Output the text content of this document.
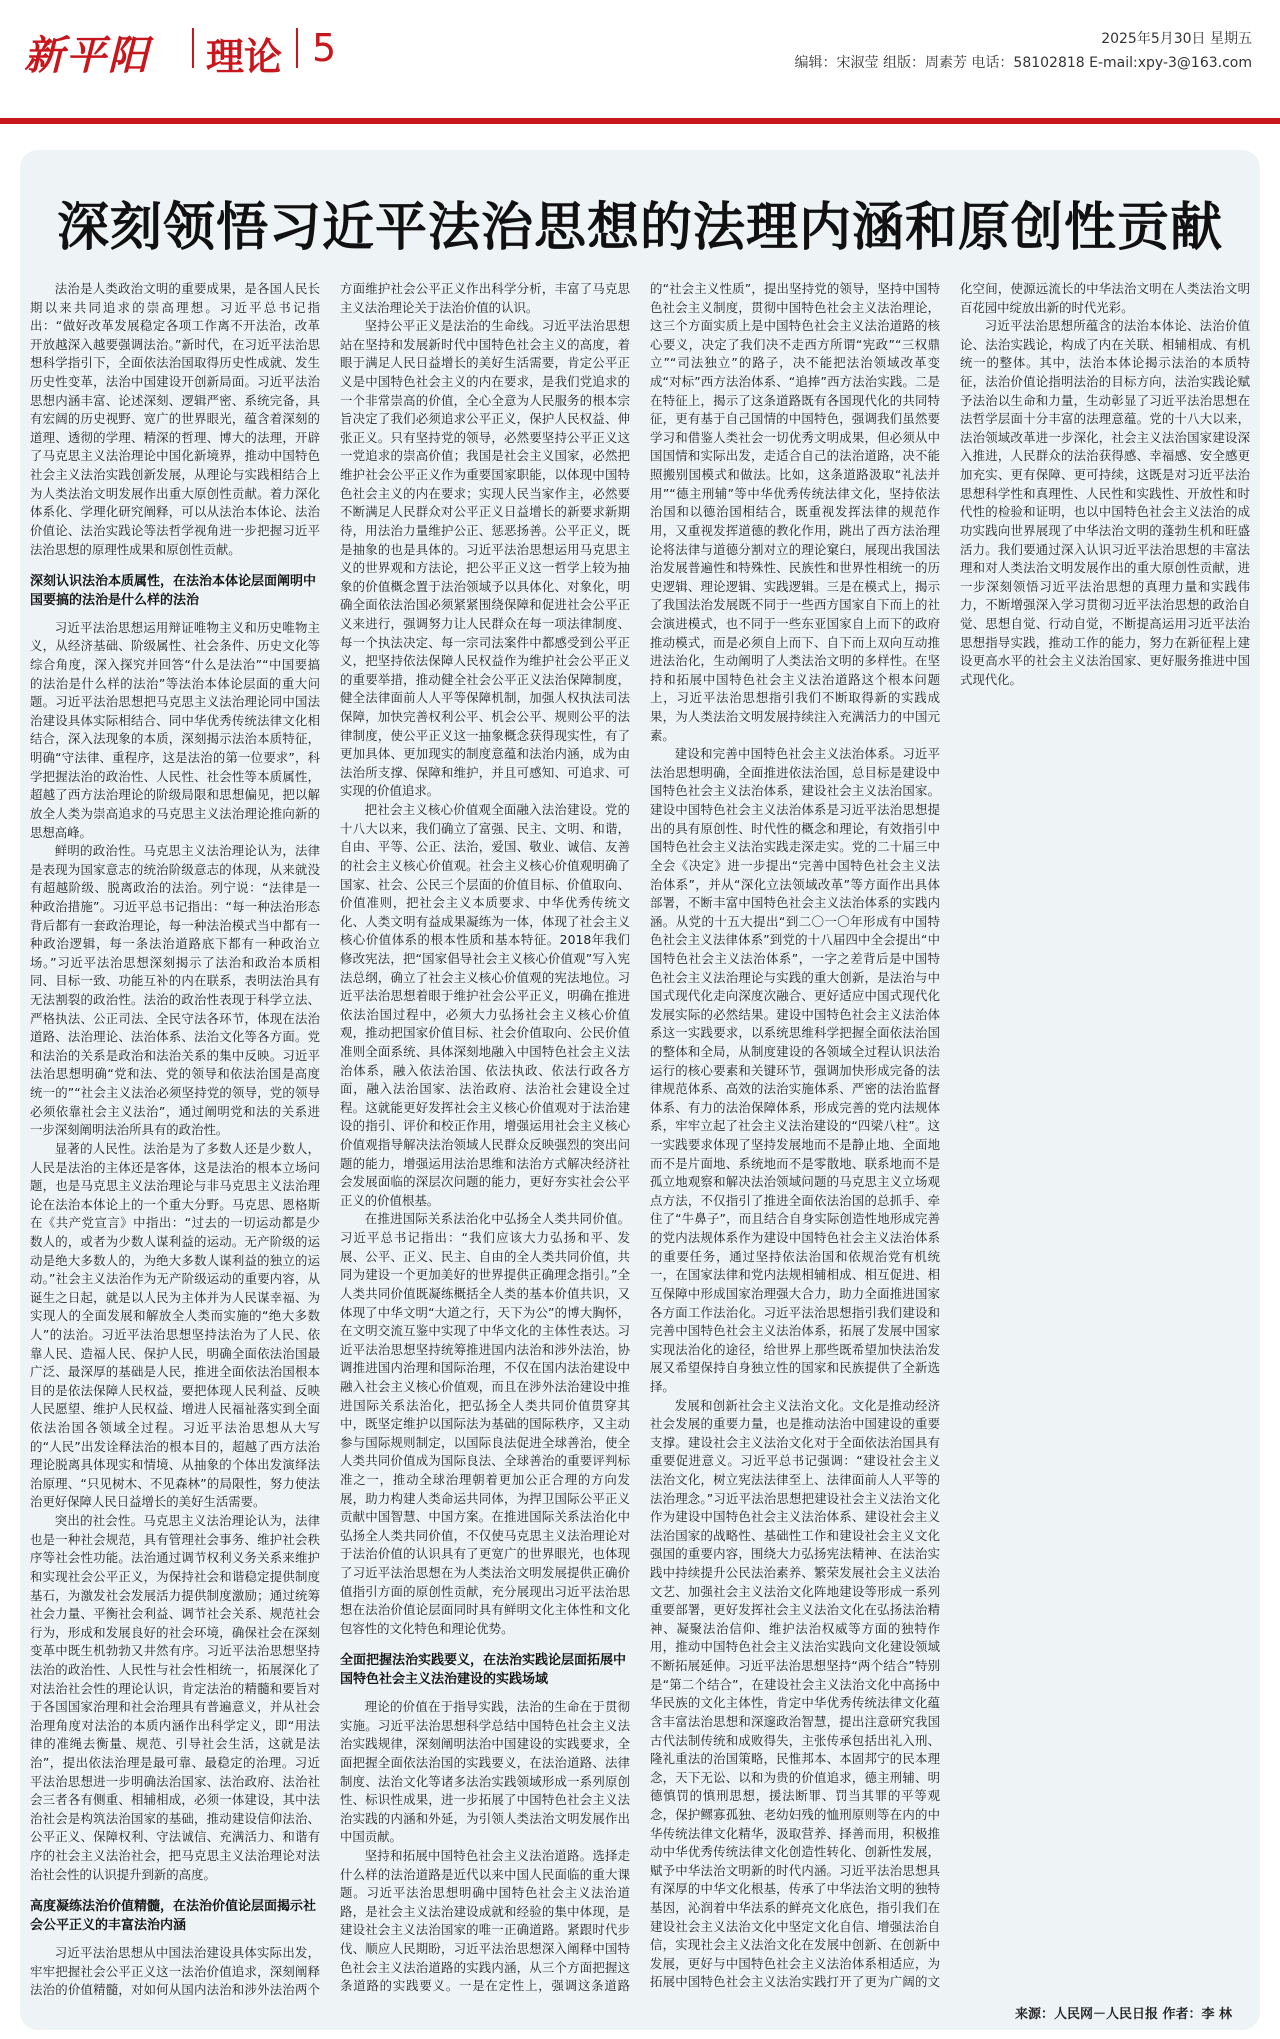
新平阳 理论 5	2025年5月30日 星期五
编辑：宋淑莹 组版：周素芳 电话：58102818 E-mail:xpy-3@163.com
深刻领悟习近平法治思想的法理内涵和原创性贡献

法治是人类政治文明的重要成果，是各国人民长期以来共同追求的崇高理想。习近平总书记指出：“做好改革发展稳定各项工作离不开法治，改革开放越深入越要强调法治。”新时代，在习近平法治思想科学指引下，全面依法治国取得历史性成就、发生历史性变革，法治中国建设开创新局面。习近平法治思想内涵丰富、论述深刻、逻辑严密、系统完备，具有宏阔的历史视野、宽广的世界眼光，蕴含着深刻的道理、透彻的学理、精深的哲理、博大的法理，开辟了马克思主义法治理论中国化新境界，推动中国特色社会主义法治实践创新发展，从理论与实践相结合上为人类法治文明发展作出重大原创性贡献。着力深化体系化、学理化研究阐释，可以从法治本体论、法治价值论、法治实践论等法哲学视角进一步把握习近平法治思想的原理性成果和原创性贡献。

深刻认识法治本质属性，在法治本体论层面阐明中国要搞的法治是什么样的法治

习近平法治思想运用辩证唯物主义和历史唯物主义，从经济基础、阶级属性、社会条件、历史文化等综合角度，深入探究并回答“什么是法治”“中国要搞的法治是什么样的法治”等法治本体论层面的重大问题。习近平法治思想把马克思主义法治理论同中国法治建设具体实际相结合、同中华优秀传统法律文化相结合，深入法现象的本质，深刻揭示法治本质特征，明确“守法律、重程序，这是法治的第一位要求”，科学把握法治的政治性、人民性、社会性等本质属性，超越了西方法治理论的阶级局限和思想偏见，把以解放全人类为崇高追求的马克思主义法治理论推向新的思想高峰。

鲜明的政治性。马克思主义法治理论认为，法律是表现为国家意志的统治阶级意志的体现，从来就没有超越阶级、脱离政治的法治。列宁说：“法律是一种政治措施”。习近平总书记指出：“每一种法治形态背后都有一套政治理论，每一种法治模式当中都有一种政治逻辑，每一条法治道路底下都有一种政治立场。”习近平法治思想深刻揭示了法治和政治本质相同、目标一致、功能互补的内在联系，表明法治具有无法割裂的政治性。法治的政治性表现于科学立法、严格执法、公正司法、全民守法各环节，体现在法治道路、法治理论、法治体系、法治文化等各方面。党和法治的关系是政治和法治关系的集中反映。习近平法治思想明确“党和法、党的领导和依法治国是高度统一的”“社会主义法治必须坚持党的领导，党的领导必须依靠社会主义法治”，通过阐明党和法的关系进一步深刻阐明法治所具有的政治性。

显著的人民性。法治是为了多数人还是少数人，人民是法治的主体还是客体，这是法治的根本立场问题，也是马克思主义法治理论与非马克思主义法治理论在法治本体论上的一个重大分野。马克思、恩格斯在《共产党宣言》中指出：“过去的一切运动都是少数人的，或者为少数人谋利益的运动。无产阶级的运动是绝大多数人的，为绝大多数人谋利益的独立的运动。”社会主义法治作为无产阶级运动的重要内容，从诞生之日起，就是以人民为主体并为人民谋幸福、为实现人的全面发展和解放全人类而实施的“绝大多数人”的法治。习近平法治思想坚持法治为了人民、依靠人民、造福人民、保护人民，明确全面依法治国最广泛、最深厚的基础是人民，推进全面依法治国根本目的是依法保障人民权益，要把体现人民利益、反映人民愿望、维护人民权益、增进人民福祉落实到全面依法治国各领域全过程。习近平法治思想从大写的“人民”出发诠释法治的根本目的，超越了西方法治理论脱离具体现实和情境、从抽象的个体出发演绎法治原理、“只见树木、不见森林”的局限性，努力使法治更好保障人民日益增长的美好生活需要。

突出的社会性。马克思主义法治理论认为，法律也是一种社会规范，具有管理社会事务、维护社会秩序等社会性功能。法治通过调节权利义务关系来维护和实现社会公平正义，为保持社会和谐稳定提供制度基石，为激发社会发展活力提供制度激励；通过统筹社会力量、平衡社会利益、调节社会关系、规范社会行为，形成和发展良好的社会环境，确保社会在深刻变革中既生机勃勃又井然有序。习近平法治思想坚持法治的政治性、人民性与社会性相统一，拓展深化了对法治社会性的理论认识，肯定法治的精髓和要旨对于各国国家治理和社会治理具有普遍意义，并从社会治理角度对法治的本质内涵作出科学定义，即“用法律的准绳去衡量、规范、引导社会生活，这就是法治”，提出依法治理是最可靠、最稳定的治理。习近平法治思想进一步明确法治国家、法治政府、法治社会三者各有侧重、相辅相成，必须一体建设，其中法治社会是构筑法治国家的基础，推动建设信仰法治、公平正义、保障权利、守法诚信、充满活力、和谐有序的社会主义法治社会，把马克思主义法治理论对法治社会性的认识提升到新的高度。

高度凝练法治价值精髓，在法治价值论层面揭示社会公平正义的丰富法治内涵

习近平法治思想从中国法治建设具体实际出发，牢牢把握社会公平正义这一法治价值追求，深刻阐释法治的价值精髓，对如何从国内法治和涉外法治两个方面维护社会公平正义作出科学分析，丰富了马克思主义法治理论关于法治价值的认识。

坚持公平正义是法治的生命线。习近平法治思想站在坚持和发展新时代中国特色社会主义的高度，着眼于满足人民日益增长的美好生活需要，肯定公平正义是中国特色社会主义的内在要求，是我们党追求的一个非常崇高的价值，全心全意为人民服务的根本宗旨决定了我们必须追求公平正义，保护人民权益、伸张正义。只有坚持党的领导，必然要坚持公平正义这一党追求的崇高价值；我国是社会主义国家，必然把维护社会公平正义作为重要国家职能，以体现中国特色社会主义的内在要求；实现人民当家作主，必然要不断满足人民群众对公平正义日益增长的新要求新期待，用法治力量维护公正、惩恶扬善。公平正义，既是抽象的也是具体的。习近平法治思想运用马克思主义的世界观和方法论，把公平正义这一哲学上较为抽象的价值概念置于法治领域予以具体化、对象化，明确全面依法治国必须紧紧围绕保障和促进社会公平正义来进行，强调努力让人民群众在每一项法律制度、每一个执法决定、每一宗司法案件中都感受到公平正义，把坚持依法保障人民权益作为维护社会公平正义的重要举措，推动健全社会公平正义法治保障制度，健全法律面前人人平等保障机制，加强人权执法司法保障，加快完善权利公平、机会公平、规则公平的法律制度，使公平正义这一抽象概念获得现实性，有了更加具体、更加现实的制度意蕴和法治内涵，成为由法治所支撑、保障和维护，并且可感知、可追求、可实现的价值追求。

把社会主义核心价值观全面融入法治建设。党的十八大以来，我们确立了富强、民主、文明、和谐，自由、平等、公正、法治，爱国、敬业、诚信、友善的社会主义核心价值观。社会主义核心价值观明确了国家、社会、公民三个层面的价值目标、价值取向、价值准则，把社会主义本质要求、中华优秀传统文化、人类文明有益成果凝练为一体，体现了社会主义核心价值体系的根本性质和基本特征。2018年我们修改宪法，把“国家倡导社会主义核心价值观”写入宪法总纲，确立了社会主义核心价值观的宪法地位。习近平法治思想着眼于维护社会公平正义，明确在推进依法治国过程中，必须大力弘扬社会主义核心价值观，推动把国家价值目标、社会价值取向、公民价值准则全面系统、具体深刻地融入中国特色社会主义法治体系，融入依法治国、依法执政、依法行政各方面，融入法治国家、法治政府、法治社会建设全过程。这就能更好发挥社会主义核心价值观对于法治建设的指引、评价和校正作用，增强运用社会主义核心价值观指导解决法治领域人民群众反映强烈的突出问题的能力，增强运用法治思维和法治方式解决经济社会发展面临的深层次问题的能力，更好夯实社会公平正义的价值根基。

在推进国际关系法治化中弘扬全人类共同价值。习近平总书记指出：“我们应该大力弘扬和平、发展、公平、正义、民主、自由的全人类共同价值，共同为建设一个更加美好的世界提供正确理念指引。”全人类共同价值既凝练概括全人类的基本价值共识，又体现了中华文明“大道之行，天下为公”的博大胸怀，在文明交流互鉴中实现了中华文化的主体性表达。习近平法治思想坚持统筹推进国内法治和涉外法治，协调推进国内治理和国际治理，不仅在国内法治建设中融入社会主义核心价值观，而且在涉外法治建设中推进国际关系法治化，把弘扬全人类共同价值贯穿其中，既坚定维护以国际法为基础的国际秩序，又主动参与国际规则制定，以国际良法促进全球善治，使全人类共同价值成为国际良法、全球善治的重要评判标准之一，推动全球治理朝着更加公正合理的方向发展，助力构建人类命运共同体，为捍卫国际公平正义贡献中国智慧、中国方案。在推进国际关系法治化中弘扬全人类共同价值，不仅使马克思主义法治理论对于法治价值的认识具有了更宽广的世界眼光，也体现了习近平法治思想在为人类法治文明发展提供正确价值指引方面的原创性贡献，充分展现出习近平法治思想在法治价值论层面同时具有鲜明文化主体性和文化包容性的文化特色和理论优势。

全面把握法治实践要义，在法治实践论层面拓展中国特色社会主义法治建设的实践场域

理论的价值在于指导实践，法治的生命在于贯彻实施。习近平法治思想科学总结中国特色社会主义法治实践规律，深刻阐明法治中国建设的实践要求，全面把握全面依法治国的实践要义，在法治道路、法律制度、法治文化等诸多法治实践领域形成一系列原创性、标识性成果，进一步拓展了中国特色社会主义法治实践的内涵和外延，为引领人类法治文明发展作出中国贡献。

坚持和拓展中国特色社会主义法治道路。选择走什么样的法治道路是近代以来中国人民面临的重大课题。习近平法治思想明确中国特色社会主义法治道路，是社会主义法治建设成就和经验的集中体现，是建设社会主义法治国家的唯一正确道路。紧跟时代步伐、顺应人民期盼，习近平法治思想深入阐释中国特色社会主义法治道路的实践内涵，从三个方面把握这条道路的实践要义。一是在定性上，强调这条道路的“社会主义性质”，提出坚持党的领导，坚持中国特色社会主义制度，贯彻中国特色社会主义法治理论，这三个方面实质上是中国特色社会主义法治道路的核心要义，决定了我们决不走西方所谓“宪政”“三权鼎立”“司法独立”的路子，决不能把法治领域改革变成“对标”西方法治体系、“追捧”西方法治实践。二是在特征上，揭示了这条道路既有各国现代化的共同特征，更有基于自己国情的中国特色，强调我们虽然要学习和借鉴人类社会一切优秀文明成果，但必须从中国国情和实际出发，走适合自己的法治道路，决不能照搬别国模式和做法。比如，这条道路汲取“礼法并用”“德主刑辅”等中华优秀传统法律文化，坚持依法治国和以德治国相结合，既重视发挥法律的规范作用，又重视发挥道德的教化作用，跳出了西方法治理论将法律与道德分割对立的理论窠臼，展现出我国法治发展普遍性和特殊性、民族性和世界性相统一的历史逻辑、理论逻辑、实践逻辑。三是在模式上，揭示了我国法治发展既不同于一些西方国家自下而上的社会演进模式，也不同于一些东亚国家自上而下的政府推动模式，而是必须自上而下、自下而上双向互动推进法治化，生动阐明了人类法治文明的多样性。在坚持和拓展中国特色社会主义法治道路这个根本问题上，习近平法治思想指引我们不断取得新的实践成果，为人类法治文明发展持续注入充满活力的中国元素。

建设和完善中国特色社会主义法治体系。习近平法治思想明确，全面推进依法治国，总目标是建设中国特色社会主义法治体系，建设社会主义法治国家。建设中国特色社会主义法治体系是习近平法治思想提出的具有原创性、时代性的概念和理论，有效指引中国特色社会主义法治实践走深走实。党的二十届三中全会《决定》进一步提出“完善中国特色社会主义法治体系”，并从“深化立法领域改革”等方面作出具体部署，不断丰富中国特色社会主义法治体系的实践内涵。从党的十五大提出“到二〇一〇年形成有中国特色社会主义法律体系”到党的十八届四中全会提出“中国特色社会主义法治体系”，一字之差背后是中国特色社会主义法治理论与实践的重大创新，是法治与中国式现代化走向深度次融合、更好适应中国式现代化发展实际的必然结果。建设中国特色社会主义法治体系这一实践要求，以系统思维科学把握全面依法治国的整体和全局，从制度建设的各领域全过程认识法治运行的核心要素和关键环节，强调加快形成完备的法律规范体系、高效的法治实施体系、严密的法治监督体系、有力的法治保障体系，形成完善的党内法规体系，牢牢立起了社会主义法治建设的“四梁八柱”。这一实践要求体现了坚持发展地而不是静止地、全面地而不是片面地、系统地而不是零散地、联系地而不是孤立地观察和解决法治领域问题的马克思主义立场观点方法，不仅指引了推进全面依法治国的总抓手、牵住了“牛鼻子”，而且结合自身实际创造性地形成完善的党内法规体系作为建设中国特色社会主义法治体系的重要任务，通过坚持依法治国和依规治党有机统一，在国家法律和党内法规相辅相成、相互促进、相互保障中形成国家治理强大合力，助力全面推进国家各方面工作法治化。习近平法治思想指引我们建设和完善中国特色社会主义法治体系，拓展了发展中国家实现法治化的途径，给世界上那些既希望加快法治发展又希望保持自身独立性的国家和民族提供了全新选择。

发展和创新社会主义法治文化。文化是推动经济社会发展的重要力量，也是推动法治中国建设的重要支撑。建设社会主义法治文化对于全面依法治国具有重要促进意义。习近平总书记强调：“建设社会主义法治文化，树立宪法法律至上、法律面前人人平等的法治理念。”习近平法治思想把建设社会主义法治文化作为建设中国特色社会主义法治体系、建设社会主义法治国家的战略性、基础性工作和建设社会主义文化强国的重要内容，围绕大力弘扬宪法精神、在法治实践中持续提升公民法治素养、繁荣发展社会主义法治文艺、加强社会主义法治文化阵地建设等形成一系列重要部署，更好发挥社会主义法治文化在弘扬法治精神、凝聚法治信仰、维护法治权威等方面的独特作用，推动中国特色社会主义法治实践向文化建设领域不断拓展延伸。习近平法治思想坚持“两个结合”特别是“第二个结合”，在建设社会主义法治文化中高扬中华民族的文化主体性，肯定中华优秀传统法律文化蕴含丰富法治思想和深邃政治智慧，提出注意研究我国古代法制传统和成败得失，主张传承包括出礼入刑、隆礼重法的治国策略，民惟邦本、本固邦宁的民本理念，天下无讼、以和为贵的价值追求，德主刑辅、明德慎罚的慎刑思想，援法断罪、罚当其罪的平等观念，保护鳏寡孤独、老幼妇残的恤刑原则等在内的中华传统法律文化精华，汲取营养、择善而用，积极推动中华优秀传统法律文化创造性转化、创新性发展，赋予中华法治文明新的时代内涵。习近平法治思想具有深厚的中华文化根基，传承了中华法治文明的独特基因，沁润着中华法系的鲜亮文化底色，指引我们在建设社会主义法治文化中坚定文化自信、增强法治自信，实现社会主义法治文化在发展中创新、在创新中发展，更好与中国特色社会主义法治体系相适应，为拓展中国特色社会主义法治实践打开了更为广阔的文化空间，使源远流长的中华法治文明在人类法治文明百花园中绽放出新的时代光彩。

习近平法治思想所蕴含的法治本体论、法治价值论、法治实践论，构成了内在关联、相辅相成、有机统一的整体。其中，法治本体论揭示法治的本质特征，法治价值论指明法治的目标方向，法治实践论赋予法治以生命和力量，生动彰显了习近平法治思想在法哲学层面十分丰富的法理意蕴。党的十八大以来，法治领域改革进一步深化，社会主义法治国家建设深入推进，人民群众的法治获得感、幸福感、安全感更加充实、更有保障、更可持续，这既是对习近平法治思想科学性和真理性、人民性和实践性、开放性和时代性的检验和证明，也以中国特色社会主义法治的成功实践向世界展现了中华法治文明的蓬勃生机和旺盛活力。我们要通过深入认识习近平法治思想的丰富法理和对人类法治文明发展作出的重大原创性贡献，进一步深刻领悟习近平法治思想的真理力量和实践伟力，不断增强深入学习贯彻习近平法治思想的政治自觉、思想自觉、行动自觉，不断提高运用习近平法治思想指导实践，推动工作的能力，努力在新征程上建设更高水平的社会主义法治国家、更好服务推进中国式现代化。

来源：人民网－人民日报 作者：李 林
